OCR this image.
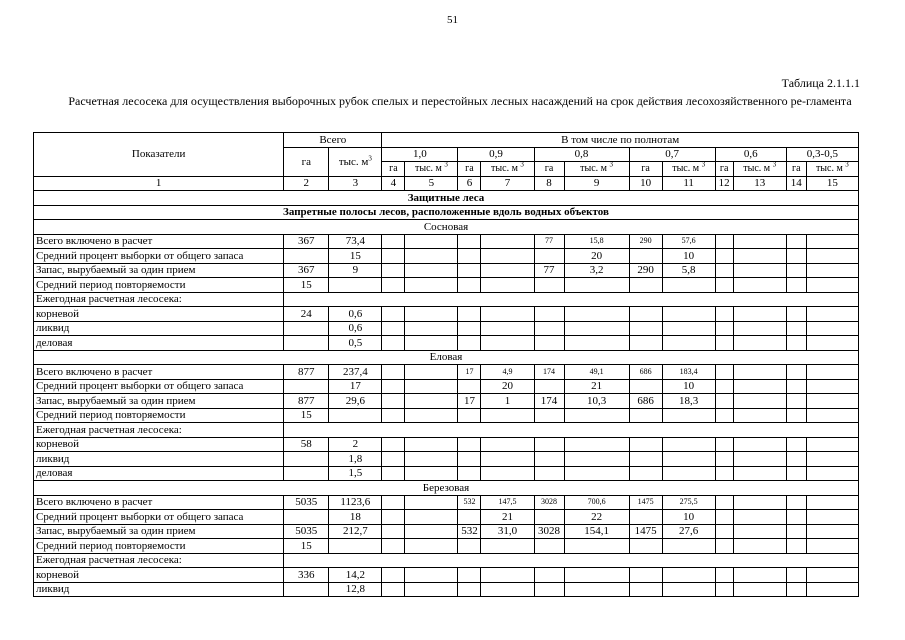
51
Таблица 2.1.1.1
Расчетная лесосека для осуществления выборочных рубок спелых и перестойных лесных насаждений на срок действия лесохозяйственного ре-гламента
Показатели	Всего		В том числе по полнотам											
	га	тыс. $м^3$	1,0		0,9		0,8		0,7		0,6		0,3-0,5	
			га	тыс. м $^3$	га	тыс. м $^3$	га	тыс. м $^3$	га	тыс. м $^3$	га	тыс. м $^3$	га	тыс. м $^3$
1	2	3	4	5	6	7	8	9	10	11	12	13	14	15
Защитные леса														
Запретные полосы лесов, расположенные вдоль водных объектов														
Сосновая														
Всего включено в расчет	367	73,4					77	15,8	290	57,6				
Средний процент выборки от общего запаса		15						20		10				
Запас, вырубаемый за один прием	367	9					77	3,2	290	5,8				
Средний период повторяемости	15													
Ежегодная расчетная лесосека:														
корневой	24	0,6												
ликвид		0,6												
деловая		0,5												
Еловая														
Всего включено в расчет	877	237,4			17	4,9	174	49,1	686	183,4				
Средний процент выборки от общего запаса		17				20		21		10				
Запас, вырубаемый за один прием	877	29,6			17	1	174	10,3	686	18,3				
Средний период повторяемости	15													
Ежегодная расчетная лесосека:														
корневой	58	2												
ликвид		1,8												
деловая		1,5												
Березовая														
Всего включено в расчет	5035	1123,6			532	147,5	3028	700,6	1475	275,5				
Средний процент выборки от общего запаса		18				21		22		10				
Запас, вырубаемый за один прием	5035	212,7			532	31,0	3028	154,1	1475	27,6				
Средний период повторяемости	15													
Ежегодная расчетная лесосека:														
корневой	336	14,2												
ликвид		12,8												
